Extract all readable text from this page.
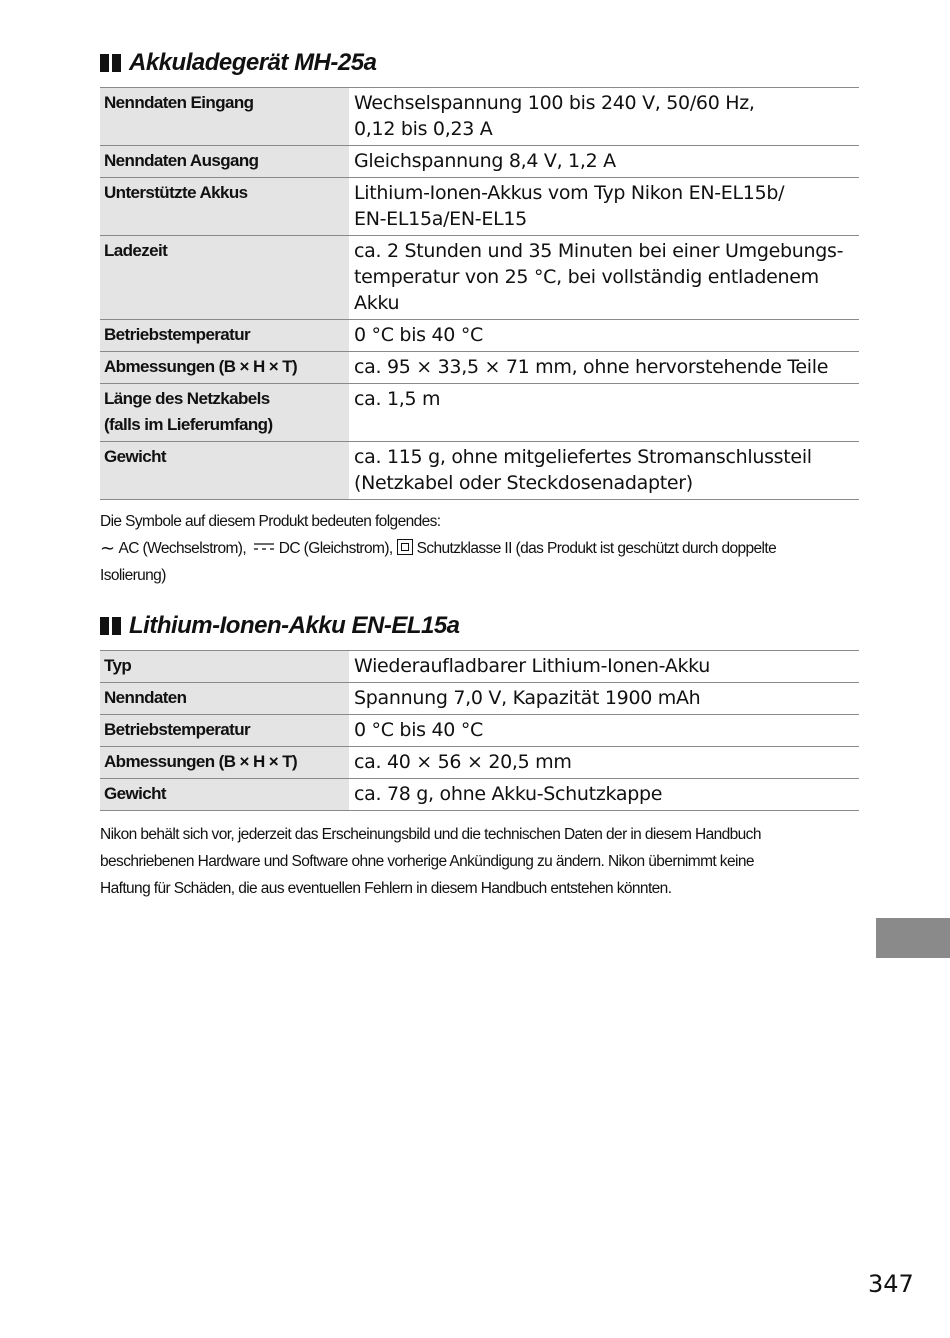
Akkuladegerät MH-25a
Nenndaten Eingang	Wechselspannung 100 bis 240 V, 50/60 Hz,
0,12 bis 0,23 A

Nenndaten Ausgang	Gleichspannung 8,4 V, 1,2 A

Unterstützte Akkus	Lithium-Ionen-Akkus vom Typ Nikon EN-EL15b/
EN-EL15a/EN-EL15

Ladezeit	ca. 2 Stunden und 35 Minuten bei einer Umgebungs-
temperatur von 25 °C, bei vollständig entladenem
Akku

Betriebstemperatur	0 °C bis 40 °C

Abmessungen (B × H × T)	ca. 95 × 33,5 × 71 mm, ohne hervorstehende Teile

Länge des Netzkabels
(falls im Lieferumfang)	ca. 1,5 m

Gewicht	ca. 115 g, ohne mitgeliefertes Stromanschlussteil
(Netzkabel oder Steckdosenadapter)
Die Symbole auf diesem Produkt bedeuten folgendes:
∼ AC (Wechselstrom), DC (Gleichstrom), Schutzklasse II (das Produkt ist geschützt durch doppelte
Isolierung)
Lithium-Ionen-Akku EN-EL15a
Typ	Wiederaufladbarer Lithium-Ionen-Akku

Nenndaten	Spannung 7,0 V, Kapazität 1900 mAh

Betriebstemperatur	0 °C bis 40 °C

Abmessungen (B × H × T)	ca. 40 × 56 × 20,5 mm

Gewicht	ca. 78 g, ohne Akku-Schutzkappe
Nikon behält sich vor, jederzeit das Erscheinungsbild und die technischen Daten der in diesem Handbuch
beschriebenen Hardware und Software ohne vorherige Ankündigung zu ändern. Nikon übernimmt keine
Haftung für Schäden, die aus eventuellen Fehlern in diesem Handbuch entstehen könnten.
347
